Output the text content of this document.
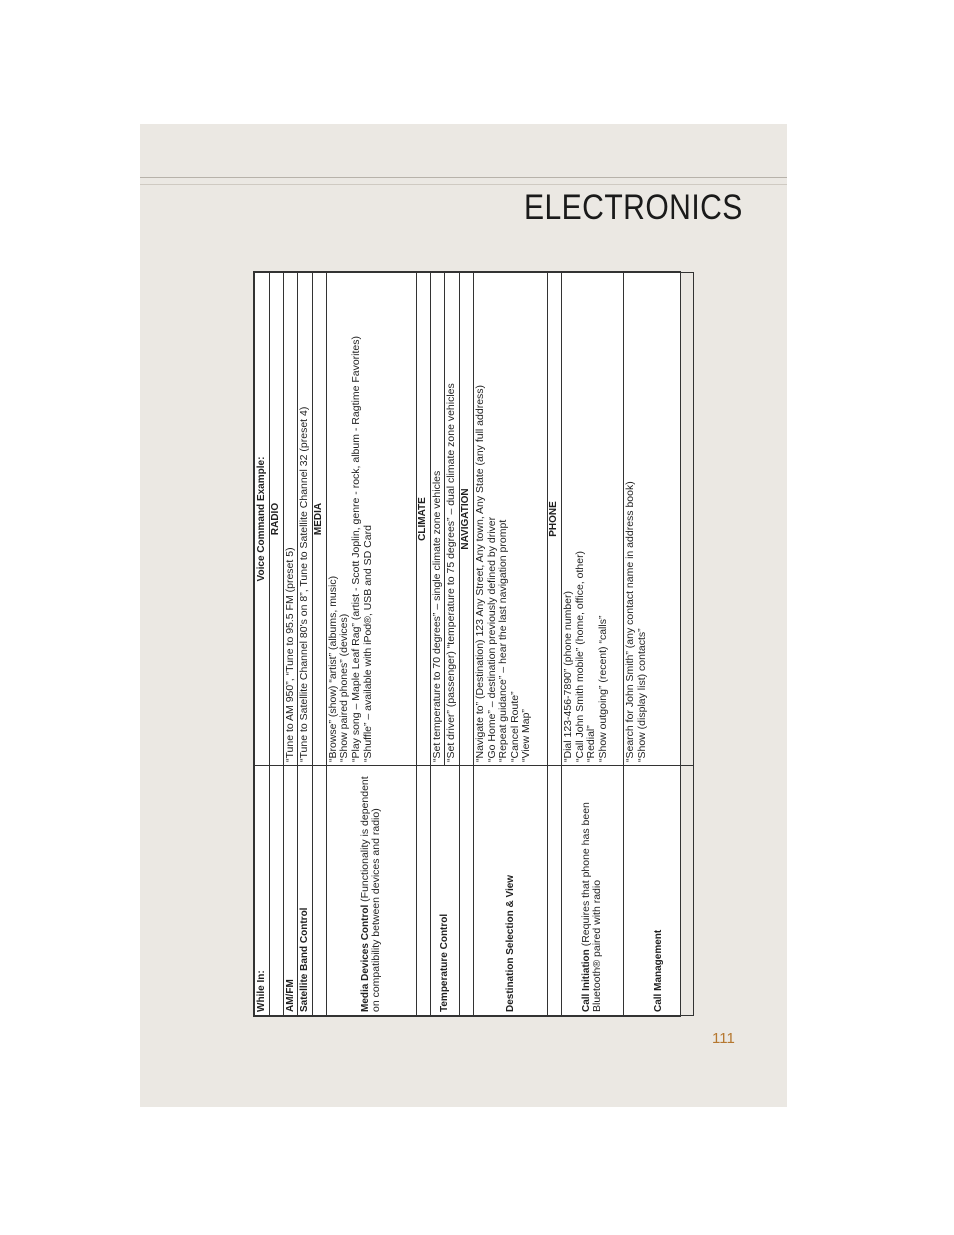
ELECTRONICS
While In:	Voice Command Example:
	RADIO
AM/FM	“Tune to AM 950”, “Tune to 95.5 FM (preset 5)

Satellite Band Control	“Tune to Satellite Channel 80's on 8”, Tune to Satellite Channel 32 (preset 4)

	MEDIA
Media Devices Control (Functionality is dependent on compatibility between devices and radio)	“Browse” (show) “artist” (albums, music) “Show paired phones” (devices) “Play song – Maple Leaf Rag” (artist - Scott Joplin, genre - rock, album - Ragtime Favorites) “Shuffle” – available with iPod®, USB and SD Card

	CLIMATE
Temperature Control	“Set temperature to 70 degrees” – single climate zone vehicles “Set driver” (passenger) “temperature to 75 degrees” – dual climate zone vehicles

	NAVIGATION
Destination Selection & View	“Navigate to” (Destination) 123 Any Street, Any town, Any State (any full address) “Go Home” – destination previously defined by driver “Repeat guidance” – hear the last navigation prompt “Cancel Route” “View Map”

	PHONE
Call Initiation (Requires that phone has been Bluetooth® paired with radio	“Dial 123-456-7890” (phone number) “Call John Smith mobile” (home, office, other) “Redial” “Show outgoing” (recent) “calls”

Call Management	“Search for John Smith” (any contact name in address book) “Show (display list) contacts”
111
